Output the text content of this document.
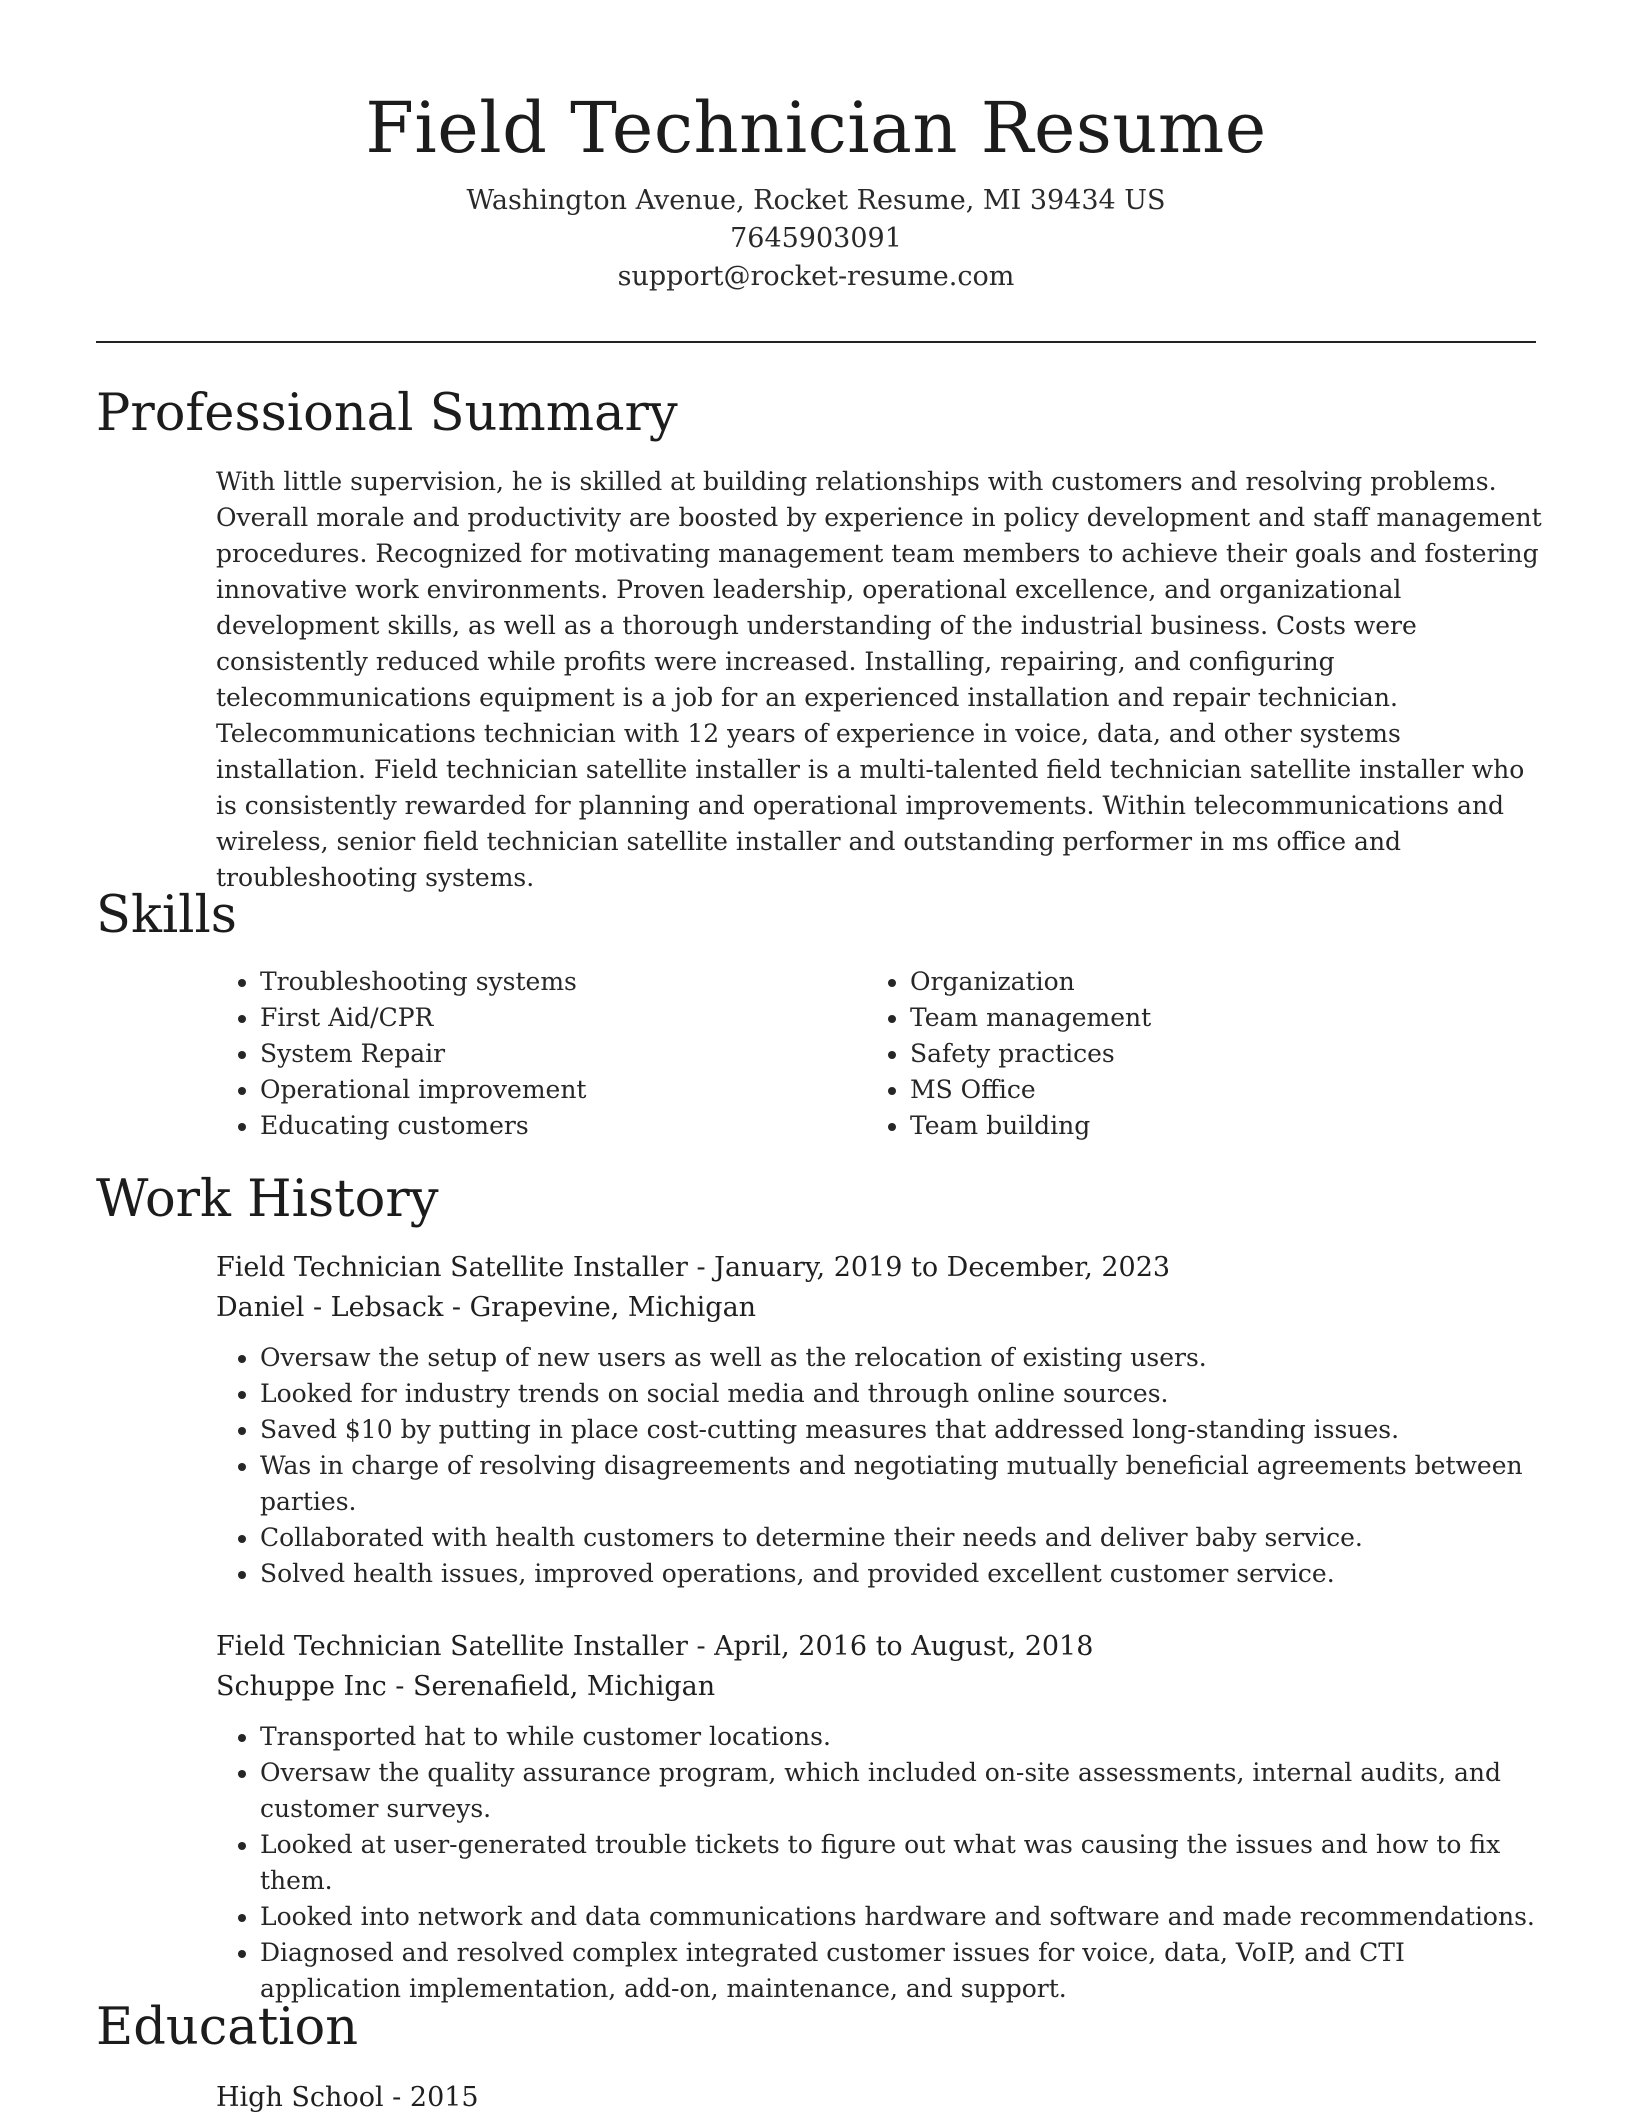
Field Technician Resume
Washington Avenue, Rocket Resume, MI 39434 US
7645903091
support@rocket-resume.com
Professional Summary

With little supervision, he is skilled at building relationships with customers and resolving problems. Overall morale and productivity are boosted by experience in policy development and staff management procedures. Recognized for motivating management team members to achieve their goals and fostering innovative work environments. Proven leadership, operational excellence, and organizational development skills, as well as a thorough understanding of the industrial business. Costs were consistently reduced while profits were increased. Installing, repairing, and configuring telecommunications equipment is a job for an experienced installation and repair technician. Telecommunications technician with 12 years of experience in voice, data, and other systems installation. Field technician satellite installer is a multi-talented field technician satellite installer who is consistently rewarded for planning and operational improvements. Within telecommunications and wireless, senior field technician satellite installer and outstanding performer in ms office and troubleshooting systems.

Skills
• Troubleshooting systems
• First Aid/CPR
• System Repair
• Operational improvement
• Educating customers
• Organization
• Team management
• Safety practices
• MS Office
• Team building
Work History
Field Technician Satellite Installer - January, 2019 to December, 2023
Daniel - Lebsack - Grapevine, Michigan
• Oversaw the setup of new users as well as the relocation of existing users.
• Looked for industry trends on social media and through online sources.
• Saved $10 by putting in place cost-cutting measures that addressed long-standing issues.
• Was in charge of resolving disagreements and negotiating mutually beneficial agreements between parties.
• Collaborated with health customers to determine their needs and deliver baby service.
• Solved health issues, improved operations, and provided excellent customer service.
Field Technician Satellite Installer - April, 2016 to August, 2018
Schuppe Inc - Serenafield, Michigan
• Transported hat to while customer locations.
• Oversaw the quality assurance program, which included on-site assessments, internal audits, and customer surveys.
• Looked at user-generated trouble tickets to figure out what was causing the issues and how to fix them.
• Looked into network and data communications hardware and software and made recommendations.
• Diagnosed and resolved complex integrated customer issues for voice, data, VoIP, and CTI application implementation, add-on, maintenance, and support.
Education
High School - 2015
